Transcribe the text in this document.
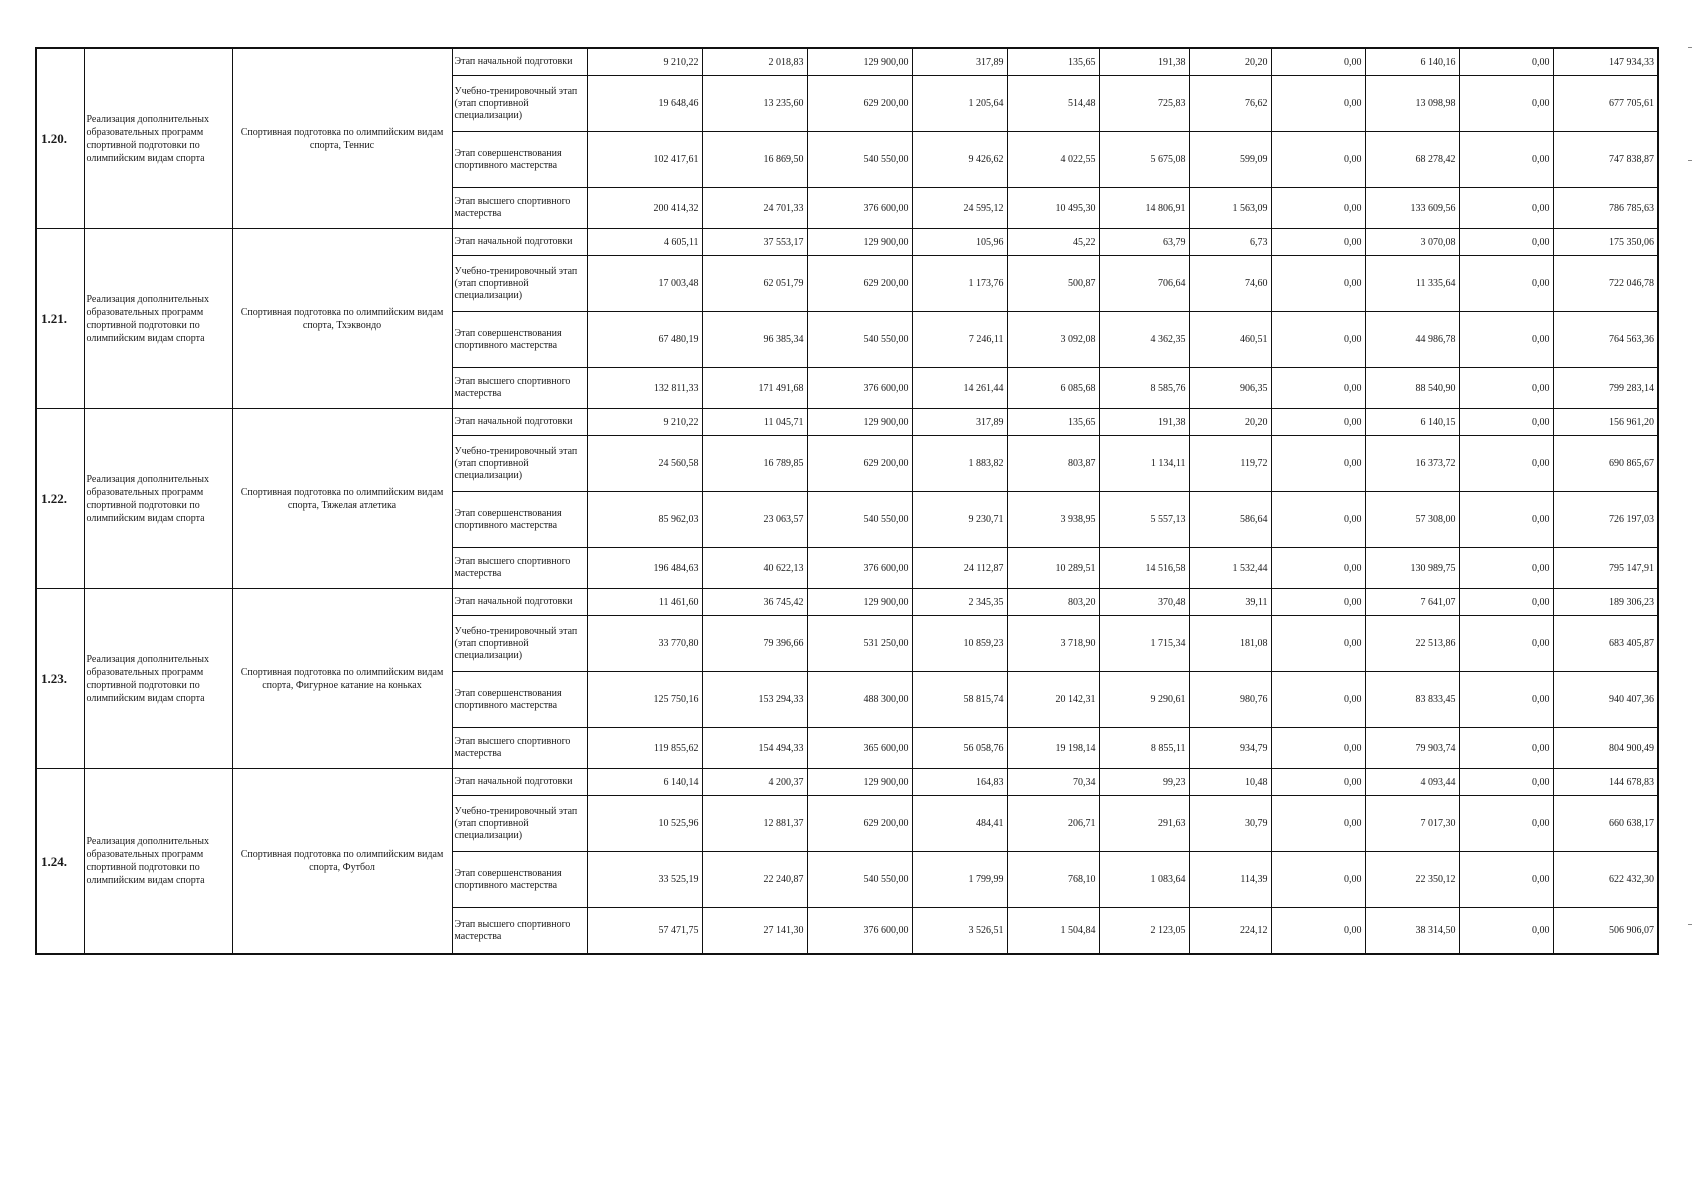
1.20.	Реализация дополнительных образовательных программ спортивной подготовки по олимпийским видам спорта	Спортивная подготовка по олимпийским видам спорта, Теннис	Этап начальной подготовки	9 210,22	2 018,83	129 900,00	317,89	135,65	191,38	20,20	0,00	6 140,16	0,00	147 934,33
			Учебно-тренировочный этап (этап спортивной специализации)	19 648,46	13 235,60	629 200,00	1 205,64	514,48	725,83	76,62	0,00	13 098,98	0,00	677 705,61
			Этап совершенствования спортивного мастерства	102 417,61	16 869,50	540 550,00	9 426,62	4 022,55	5 675,08	599,09	0,00	68 278,42	0,00	747 838,87
			Этап высшего спортивного мастерства	200 414,32	24 701,33	376 600,00	24 595,12	10 495,30	14 806,91	1 563,09	0,00	133 609,56	0,00	786 785,63
1.21.	Реализация дополнительных образовательных программ спортивной подготовки по олимпийским видам спорта	Спортивная подготовка по олимпийским видам спорта, Тхэквондо	Этап начальной подготовки	4 605,11	37 553,17	129 900,00	105,96	45,22	63,79	6,73	0,00	3 070,08	0,00	175 350,06
			Учебно-тренировочный этап (этап спортивной специализации)	17 003,48	62 051,79	629 200,00	1 173,76	500,87	706,64	74,60	0,00	11 335,64	0,00	722 046,78
			Этап совершенствования спортивного мастерства	67 480,19	96 385,34	540 550,00	7 246,11	3 092,08	4 362,35	460,51	0,00	44 986,78	0,00	764 563,36
			Этап высшего спортивного мастерства	132 811,33	171 491,68	376 600,00	14 261,44	6 085,68	8 585,76	906,35	0,00	88 540,90	0,00	799 283,14
1.22.	Реализация дополнительных образовательных программ спортивной подготовки по олимпийским видам спорта	Спортивная подготовка по олимпийским видам спорта, Тяжелая атлетика	Этап начальной подготовки	9 210,22	11 045,71	129 900,00	317,89	135,65	191,38	20,20	0,00	6 140,15	0,00	156 961,20
			Учебно-тренировочный этап (этап спортивной специализации)	24 560,58	16 789,85	629 200,00	1 883,82	803,87	1 134,11	119,72	0,00	16 373,72	0,00	690 865,67
			Этап совершенствования спортивного мастерства	85 962,03	23 063,57	540 550,00	9 230,71	3 938,95	5 557,13	586,64	0,00	57 308,00	0,00	726 197,03
			Этап высшего спортивного мастерства	196 484,63	40 622,13	376 600,00	24 112,87	10 289,51	14 516,58	1 532,44	0,00	130 989,75	0,00	795 147,91
1.23.	Реализация дополнительных образовательных программ спортивной подготовки по олимпийским видам спорта	Спортивная подготовка по олимпийским видам спорта, Фигурное катание на коньках	Этап начальной подготовки	11 461,60	36 745,42	129 900,00	2 345,35	803,20	370,48	39,11	0,00	7 641,07	0,00	189 306,23
			Учебно-тренировочный этап (этап спортивной специализации)	33 770,80	79 396,66	531 250,00	10 859,23	3 718,90	1 715,34	181,08	0,00	22 513,86	0,00	683 405,87
			Этап совершенствования спортивного мастерства	125 750,16	153 294,33	488 300,00	58 815,74	20 142,31	9 290,61	980,76	0,00	83 833,45	0,00	940 407,36
			Этап высшего спортивного мастерства	119 855,62	154 494,33	365 600,00	56 058,76	19 198,14	8 855,11	934,79	0,00	79 903,74	0,00	804 900,49
1.24.	Реализация дополнительных образовательных программ спортивной подготовки по олимпийским видам спорта	Спортивная подготовка по олимпийским видам спорта, Футбол	Этап начальной подготовки	6 140,14	4 200,37	129 900,00	164,83	70,34	99,23	10,48	0,00	4 093,44	0,00	144 678,83
			Учебно-тренировочный этап (этап спортивной специализации)	10 525,96	12 881,37	629 200,00	484,41	206,71	291,63	30,79	0,00	7 017,30	0,00	660 638,17
			Этап совершенствования спортивного мастерства	33 525,19	22 240,87	540 550,00	1 799,99	768,10	1 083,64	114,39	0,00	22 350,12	0,00	622 432,30
			Этап высшего спортивного мастерства	57 471,75	27 141,30	376 600,00	3 526,51	1 504,84	2 123,05	224,12	0,00	38 314,50	0,00	506 906,07
